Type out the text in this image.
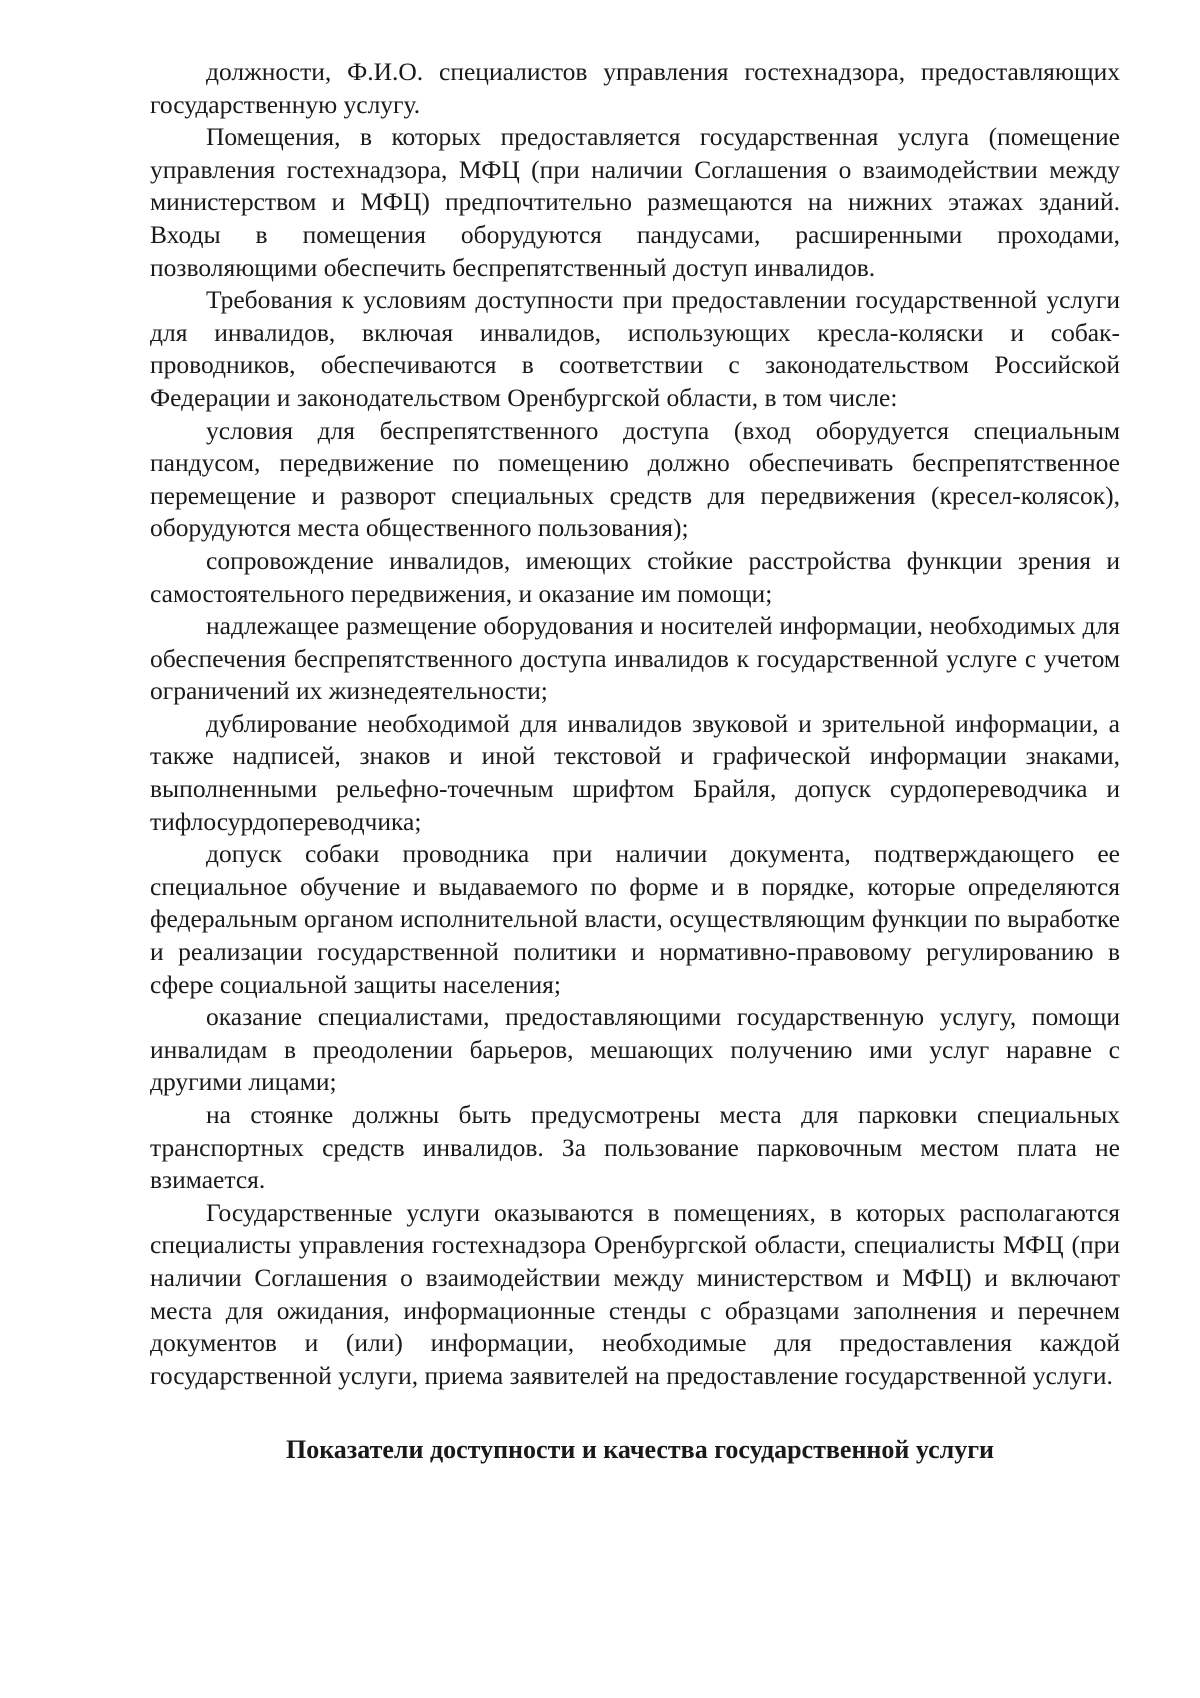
должности, Ф.И.О. специалистов управления гостехнадзора, предоставляющих государственную услугу.

Помещения, в которых предоставляется государственная услуга (помещение управления гостехнадзора, МФЦ (при наличии Соглашения о взаимодействии между министерством и МФЦ) предпочтительно размещаются на нижних этажах зданий. Входы в помещения оборудуются пандусами, расширенными проходами, позволяющими обеспечить беспрепятственный доступ инвалидов.

Требования к условиям доступности при предоставлении государственной услуги для инвалидов, включая инвалидов, использующих кресла-коляски и собак-проводников, обеспечиваются в соответствии с законодательством Российской Федерации и законодательством Оренбургской области, в том числе:

условия для беспрепятственного доступа (вход оборудуется специальным пандусом, передвижение по помещению должно обеспечивать беспрепятственное перемещение и разворот специальных средств для передвижения (кресел-колясок), оборудуются места общественного пользования);

сопровождение инвалидов, имеющих стойкие расстройства функции зрения и самостоятельного передвижения, и оказание им помощи;

надлежащее размещение оборудования и носителей информации, необходимых для обеспечения беспрепятственного доступа инвалидов к государственной услуге с учетом ограничений их жизнедеятельности;

дублирование необходимой для инвалидов звуковой и зрительной информации, а также надписей, знаков и иной текстовой и графической информации знаками, выполненными рельефно-точечным шрифтом Брайля, допуск сурдопереводчика и тифлосурдопереводчика;

допуск собаки проводника при наличии документа, подтверждающего ее специальное обучение и выдаваемого по форме и в порядке, которые определяются федеральным органом исполнительной власти, осуществляющим функции по выработке и реализации государственной политики и нормативно-правовому регулированию в сфере социальной защиты населения;

оказание специалистами, предоставляющими государственную услугу, помощи инвалидам в преодолении барьеров, мешающих получению ими услуг наравне с другими лицами;

на стоянке должны быть предусмотрены места для парковки специальных транспортных средств инвалидов. За пользование парковочным местом плата не взимается.

Государственные услуги оказываются в помещениях, в которых располагаются специалисты управления гостехнадзора Оренбургской области, специалисты МФЦ (при наличии Соглашения о взаимодействии между министерством и МФЦ) и включают места для ожидания, информационные стенды с образцами заполнения и перечнем документов и (или) информации, необходимые для предоставления каждой государственной услуги, приема заявителей на предоставление государственной услуги.

Показатели доступности и качества государственной услуги
